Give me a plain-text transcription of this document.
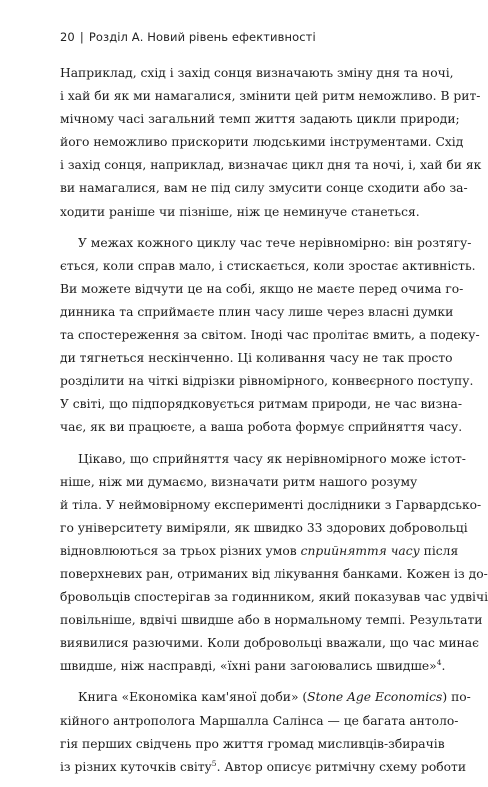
20 | Розділ А. Новий рівень ефективності
Наприклад, схід і захід сонця визначають зміну дня та ночі,
і хай би як ми намагалися, змінити цей ритм неможливо. В рит-
мічному часі загальний темп життя задають цикли природи;
його неможливо прискорити людськими інструментами. Схід
і захід сонця, наприклад, визначає цикл дня та ночі, і, хай би як
ви намагалися, вам не під силу змусити сонце сходити або за-
ходити раніше чи пізніше, ніж це неминуче станеться.
У межах кожного циклу час тече нерівномірно: він розтягу-
ється, коли справ мало, і стискається, коли зростає активність.
Ви можете відчути це на собі, якщо не маєте перед очима го-
динника та сприймаєте плин часу лише через власні думки
та спостереження за світом. Іноді час пролітає вмить, а подеку-
ди тягнеться нескінченно. Ці коливання часу не так просто
розділити на чіткі відрізки рівномірного, конвеєрного поступу.
У світі, що підпорядковується ритмам природи, не час визна-
чає, як ви працюєте, а ваша робота формує сприйняття часу.
Цікаво, що сприйняття часу як нерівномірного може істот-
ніше, ніж ми думаємо, визначати ритм нашого розуму
й тіла. У неймовірному експерименті дослідники з Гарвардсько-
го університету виміряли, як швидко 33 здорових добровольці
відновлюються за трьох різних умов сприйняття часу після
поверхневих ран, отриманих від лікування банками. Кожен із до-
бровольців спостерігав за годинником, який показував час удвічі
повільніше, вдвічі швидше або в нормальному темпі. Результати
виявилися разючими. Коли добровольці вважали, що час минає
швидше, ніж насправді, «їхні рани загоювались швидше»$^4$.
Книга «Економіка кам'яної доби» (Stone Age Economics) по-
кійного антрополога Маршалла Салінса — це багата антоло-
гія перших свідчень про життя громад мисливців-збирачів
із різних куточків світу$^5$. Автор описує ритмічну схему роботи
